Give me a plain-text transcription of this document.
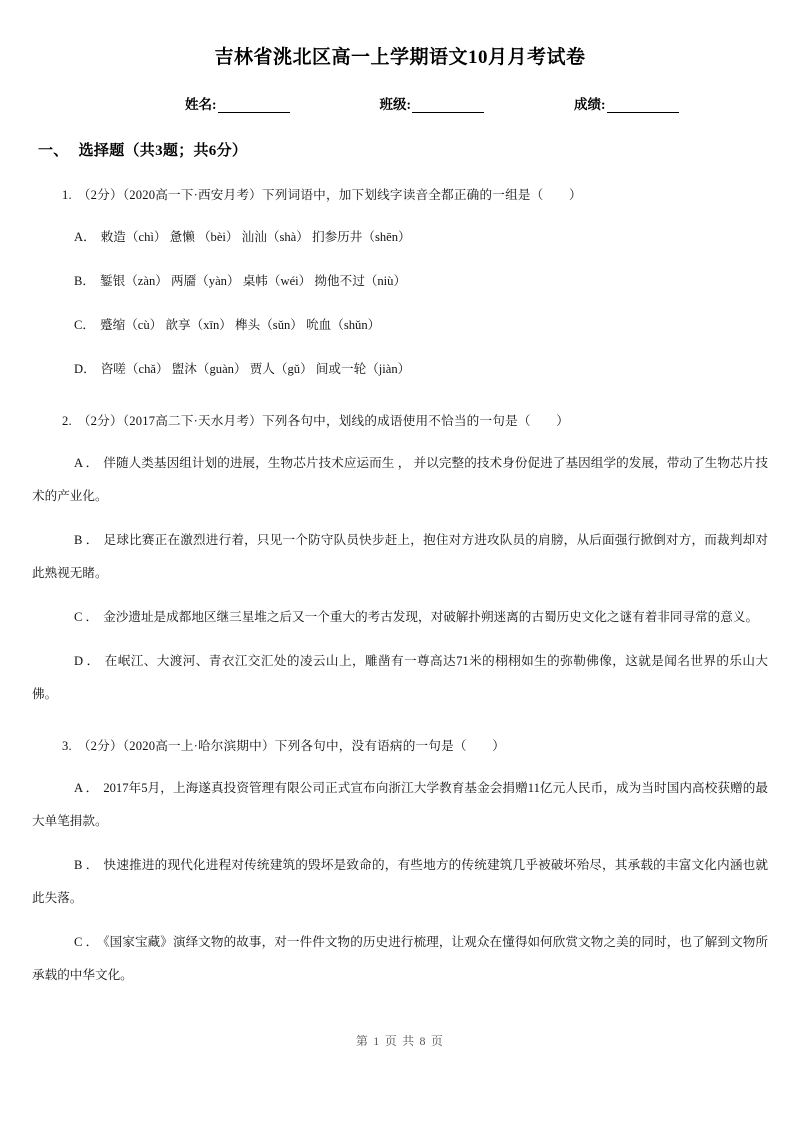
吉林省洮北区高一上学期语文10月月考试卷
姓名:	班级:	成绩:
一、 选择题（共3题；共6分）
1. （2分）（2020高一下·西安月考）下列词语中，加下划线字读音全都正确的一组是（　　）
A． 敕造（chì） 惫懒 （bèi） 汕汕（shà） 扪参历井（shēn）
B． 錾银（zàn） 两靥（yàn） 桌帏（wéi） 拗他不过（niù）
C． 蹙缩（cù） 歆享（xīn） 榫头（sǔn） 吮血（shǔn）
D． 咨嗟（chǎ） 盥沐（guàn） 贾人（gǔ） 间或一轮（jiàn）
2. （2分）（2017高二下·天水月考）下列各句中，划线的成语使用不恰当的一句是（　　）
A ． 伴随人类基因组计划的进展，生物芯片技术应运而生 ， 并以完整的技术身份促进了基因组学的发展，带动了生物芯片技术的产业化。
B ． 足球比赛正在激烈进行着，只见一个防守队员快步赶上，抱住对方进攻队员的肩膀，从后面强行掀倒对方，而裁判却对此熟视无睹。
C ． 金沙遗址是成都地区继三星堆之后又一个重大的考古发现，对破解扑朔迷离的古蜀历史文化之谜有着非同寻常的意义。
D ． 在岷江、大渡河、青衣江交汇处的凌云山上，雕凿有一尊高达71米的栩栩如生的弥勒佛像，这就是闻名世界的乐山大佛。
3. （2分）（2020高一上·哈尔滨期中）下列各句中，没有语病的一句是（　　）
A ． 2017年5月，上海遂真投资管理有限公司正式宣布向浙江大学教育基金会捐赠11亿元人民币，成为当时国内高校获赠的最大单笔捐款。
B ． 快速推进的现代化进程对传统建筑的毁坏是致命的，有些地方的传统建筑几乎被破坏殆尽，其承载的丰富文化内涵也就此失落。
C ． 《国家宝藏》演绎文物的故事，对一件件文物的历史进行梳理，让观众在懂得如何欣赏文物之美的同时，也了解到文物所承载的中华文化。
第 1 页 共 8 页
